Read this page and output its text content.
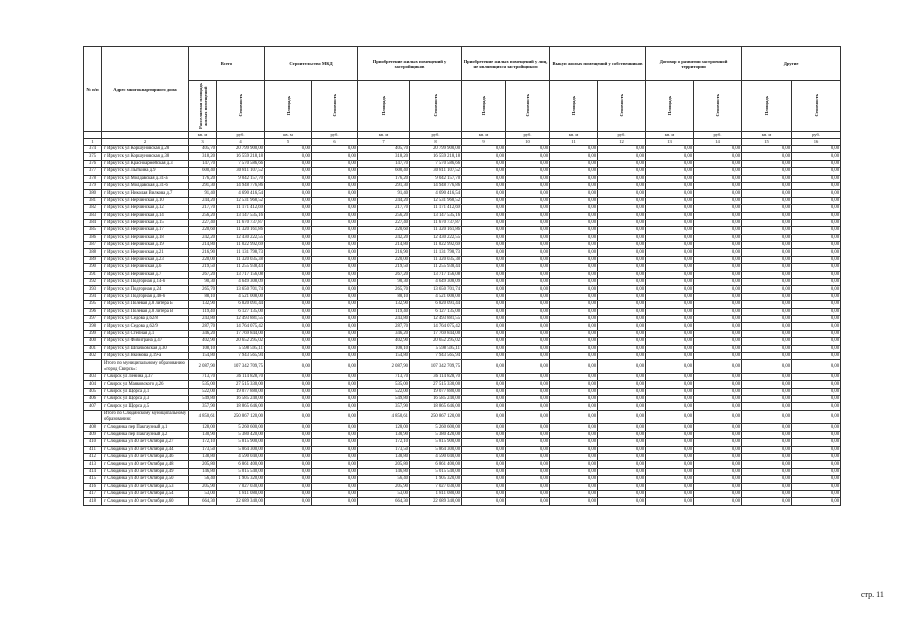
№ п/п	Адрес многоквартирного дома	Всего		Строительство МКД		Приобретение жилых помещений у застройщиков		Приобретение жилых помещений у лиц, не являющихся застройщиком		Выкуп жилых помещений у собственников		Договор о развитии застроенной территории		Другие	
		Расселяемая площадь жилых помещений	Стоимость	Площадь	Стоимость	Площадь	Стоимость	Площадь	Стоимость	Площадь	Стоимость	Площадь	Стоимость	Площадь	Стоимость
		кв. м	руб.	кв. м	руб.	кв. м	руб.	кв. м	руб.	кв. м	руб.	кв. м	руб.	кв. м	руб.
1	2	3	4	5	6	7	8	9	10	11	12	13	14	15	16
374	г Иркутск ул Коршуновская д.28	405,70	20 799 900,00	0,00	0,00	405,70	20 799 900,00	0,00	0,00	0,00	0,00	0,00	0,00	0,00	0,00
375	г Иркутск ул Коршуновская д.38	318,20	16 559 218,18	0,00	0,00	318,20	16 559 218,18	0,00	0,00	0,00	0,00	0,00	0,00	0,00	0,00
376	г Иркутск ул Красноармейская д.3	147,70	7 570 586,66	0,00	0,00	147,70	7 570 586,66	0,00	0,00	0,00	0,00	0,00	0,00	0,00	0,00
377	г Иркутск ул Лыткина д.9	600,40	30 811 107,52	0,00	0,00	600,40	30 811 107,52	0,00	0,00	0,00	0,00	0,00	0,00	0,00	0,00
378	г Иркутск ул Молдавская д.31-а	176,20	9 042 157,70	0,00	0,00	176,20	9 042 157,70	0,00	0,00	0,00	0,00	0,00	0,00	0,00	0,00
379	г Иркутск ул Молдавская д.31-б	291,30	14 948 776,86	0,00	0,00	291,30	14 948 776,86	0,00	0,00	0,00	0,00	0,00	0,00	0,00	0,00
380	г Иркутск ул Николая Вилкова д.7	91,40	4 690 416,54	0,00	0,00	91,40	4 690 416,54	0,00	0,00	0,00	0,00	0,00	0,00	0,00	0,00
381	г Иркутск ул Нерчинская д.10	244,20	12 531 968,52	0,00	0,00	244,20	12 531 968,52	0,00	0,00	0,00	0,00	0,00	0,00	0,00	0,00
382	г Иркутск ул Нерчинская д.12	217,70	11 171 412,69	0,00	0,00	217,70	11 171 412,69	0,00	0,00	0,00	0,00	0,00	0,00	0,00	0,00
383	г Иркутск ул Нерчинская д.14	256,20	13 147 535,16	0,00	0,00	256,20	13 147 535,16	0,00	0,00	0,00	0,00	0,00	0,00	0,00	0,00
384	г Иркутск ул Нерчинская д.15	227,40	11 670 737,87	0,00	0,00	227,40	11 670 737,87	0,00	0,00	0,00	0,00	0,00	0,00	0,00	0,00
385	г Иркутск ул Нерчинская д.17	220,60	11 320 161,86	0,00	0,00	220,60	11 320 161,86	0,00	0,00	0,00	0,00	0,00	0,00	0,00	0,00
386	г Иркутск ул Нерчинская д.18	242,20	12 430 222,55	0,00	0,00	242,20	12 430 222,55	0,00	0,00	0,00	0,00	0,00	0,00	0,00	0,00
387	г Иркутск ул Нерчинская д.19	214,80	11 022 992,69	0,00	0,00	214,80	11 022 992,69	0,00	0,00	0,00	0,00	0,00	0,00	0,00	0,00
388	г Иркутск ул Нерчинская д.21	216,90	11 131 798,73	0,00	0,00	216,90	11 131 798,73	0,00	0,00	0,00	0,00	0,00	0,00	0,00	0,00
389	г Иркутск ул Нерчинская д.23	220,00	11 320 035,38	0,00	0,00	220,00	11 320 035,38	0,00	0,00	0,00	0,00	0,00	0,00	0,00	0,00
390	г Иркутск ул Нерчинская д.6	219,50	11 255 938,44	0,00	0,00	219,50	11 255 938,44	0,00	0,00	0,00	0,00	0,00	0,00	0,00	0,00
391	г Иркутск ул Нерчинская д.7	267,20	13 717 156,08	0,00	0,00	267,20	13 717 156,08	0,00	0,00	0,00	0,00	0,00	0,00	0,00	0,00
392	г Иркутск ул Подгорная д.14-б	90,30	4 649 308,09	0,00	0,00	90,30	4 649 308,09	0,00	0,00	0,00	0,00	0,00	0,00	0,00	0,00
393	г Иркутск ул Подгорная д.24	265,70	13 650 701,74	0,00	0,00	265,70	13 650 701,74	0,00	0,00	0,00	0,00	0,00	0,00	0,00	0,00
394	г Иркутск ул Подгорная д.48-б	88,10	4 521 008,00	0,00	0,00	88,10	4 521 008,00	0,00	0,00	0,00	0,00	0,00	0,00	0,00	0,00
395	г Иркутск ул Полевая д.8 литера Б	132,90	6 820 091,44	0,00	0,00	132,90	6 820 091,44	0,00	0,00	0,00	0,00	0,00	0,00	0,00	0,00
396	г Иркутск ул Полевая д.8 литера В	119,40	6 127 135,00	0,00	0,00	119,40	6 127 135,00	0,00	0,00	0,00	0,00	0,00	0,00	0,00	0,00
397	г Иркутск ул Седова д.62/8	243,80	12 493 881,55	0,00	0,00	243,80	12 493 881,55	0,00	0,00	0,00	0,00	0,00	0,00	0,00	0,00
398	г Иркутск ул Седова д.62/9	287,70	14 764 075,42	0,00	0,00	287,70	14 764 075,42	0,00	0,00	0,00	0,00	0,00	0,00	0,00	0,00
399	г Иркутск ул Степная д.1	346,20	17 769 844,00	0,00	0,00	346,20	17 769 844,00	0,00	0,00	0,00	0,00	0,00	0,00	0,00	0,00
400	г Иркутск ул Фибиграна д.47	402,90	20 652 295,02	0,00	0,00	402,90	20 652 295,02	0,00	0,00	0,00	0,00	0,00	0,00	0,00	0,00
401	г Иркутск ул Шпачковская д.30	108,10	5 598 595,11	0,00	0,00	108,10	5 598 595,11	0,00	0,00	0,00	0,00	0,00	0,00	0,00	0,00
402	г Иркутск ул Якимова д.19-а	154,80	7 943 565,94	0,00	0,00	154,80	7 943 565,94	0,00	0,00	0,00	0,00	0,00	0,00	0,00	0,00
	Итого по муниципальному образованию «город Свирск»:	2 087,90	107 342 709,75	0,00	0,00	2 087,90	107 342 709,75	0,00	0,00	0,00	0,00	0,00	0,00	0,00	0,00
403	г Свирск ул Ленина д.37	713,70	36 114 828,70	0,00	0,00	713,70	36 114 828,70	0,00	0,00	0,00	0,00	0,00	0,00	0,00	0,00
404	г Свирск ул Маяковского д.26	535,00	27 515 330,00	0,00	0,00	535,00	27 515 330,00	0,00	0,00	0,00	0,00	0,00	0,00	0,00	0,00
405	г Свирск ул Щорса д.1	522,00	19 077 880,00	0,00	0,00	522,00	19 077 880,00	0,00	0,00	0,00	0,00	0,00	0,00	0,00	0,00
406	г Свирск ул Щорса д.3	549,80	16 585 240,00	0,00	0,00	549,80	16 585 240,00	0,00	0,00	0,00	0,00	0,00	0,00	0,00	0,00
407	г Свирск ул Щорса д.5	357,90	18 865 646,00	0,00	0,00	357,90	18 865 646,00	0,00	0,00	0,00	0,00	0,00	0,00	0,00	0,00
	Итого по Слюдянскому муниципальному образованию:	4 850,61	250 867 120,00	0,00	0,00	4 850,61	250 867 120,00	0,00	0,00	0,00	0,00	0,00	0,00	0,00	0,00
408	г Слюдянка пер Пакгаузный д.1	128,00	5 260 600,00	0,00	0,00	128,00	5 260 600,00	0,00	0,00	0,00	0,00	0,00	0,00	0,00	0,00
409	г Слюдянка пер Пакгаузный д.2	130,90	5 380 420,00	0,00	0,00	130,90	5 380 420,00	0,00	0,00	0,00	0,00	0,00	0,00	0,00	0,00
410	г Слюдянка ул 40 лет Октября д.27	172,10	5 815 900,00	0,00	0,00	172,10	5 815 900,00	0,00	0,00	0,00	0,00	0,00	0,00	0,00	0,00
411	г Слюдянка ул 40 лет Октября д.44	173,50	5 864 300,00	0,00	0,00	173,50	5 864 300,00	0,00	0,00	0,00	0,00	0,00	0,00	0,00	0,00
412	г Слюдянка ул 40 лет Октября д.46	138,80	4 590 040,00	0,00	0,00	138,80	4 590 040,00	0,00	0,00	0,00	0,00	0,00	0,00	0,00	0,00
413	г Слюдянка ул 40 лет Октября д.48	205,80	6 861 400,00	0,00	0,00	205,80	6 861 400,00	0,00	0,00	0,00	0,00	0,00	0,00	0,00	0,00
414	г Слюдянка ул 40 лет Октября д.49	146,80	5 015 540,00	0,00	0,00	146,80	5 015 540,00	0,00	0,00	0,00	0,00	0,00	0,00	0,00	0,00
415	г Слюдянка ул 40 лет Октября д.50	56,40	1 905 320,00	0,00	0,00	56,40	1 905 320,00	0,00	0,00	0,00	0,00	0,00	0,00	0,00	0,00
416	г Слюдянка ул 40 лет Октября д.53	205,90	7 027 030,00	0,00	0,00	205,90	7 027 030,00	0,00	0,00	0,00	0,00	0,00	0,00	0,00	0,00
417	г Слюдянка ул 40 лет Октября д.54	53,00	1 811 080,00	0,00	0,00	53,00	1 811 080,00	0,00	0,00	0,00	0,00	0,00	0,00	0,00	0,00
418	г Слюдянка ул 40 лет Октября д.60	664,30	22 689 340,00	0,00	0,00	664,30	22 689 340,00	0,00	0,00	0,00	0,00	0,00	0,00	0,00	0,00
стр. 11
